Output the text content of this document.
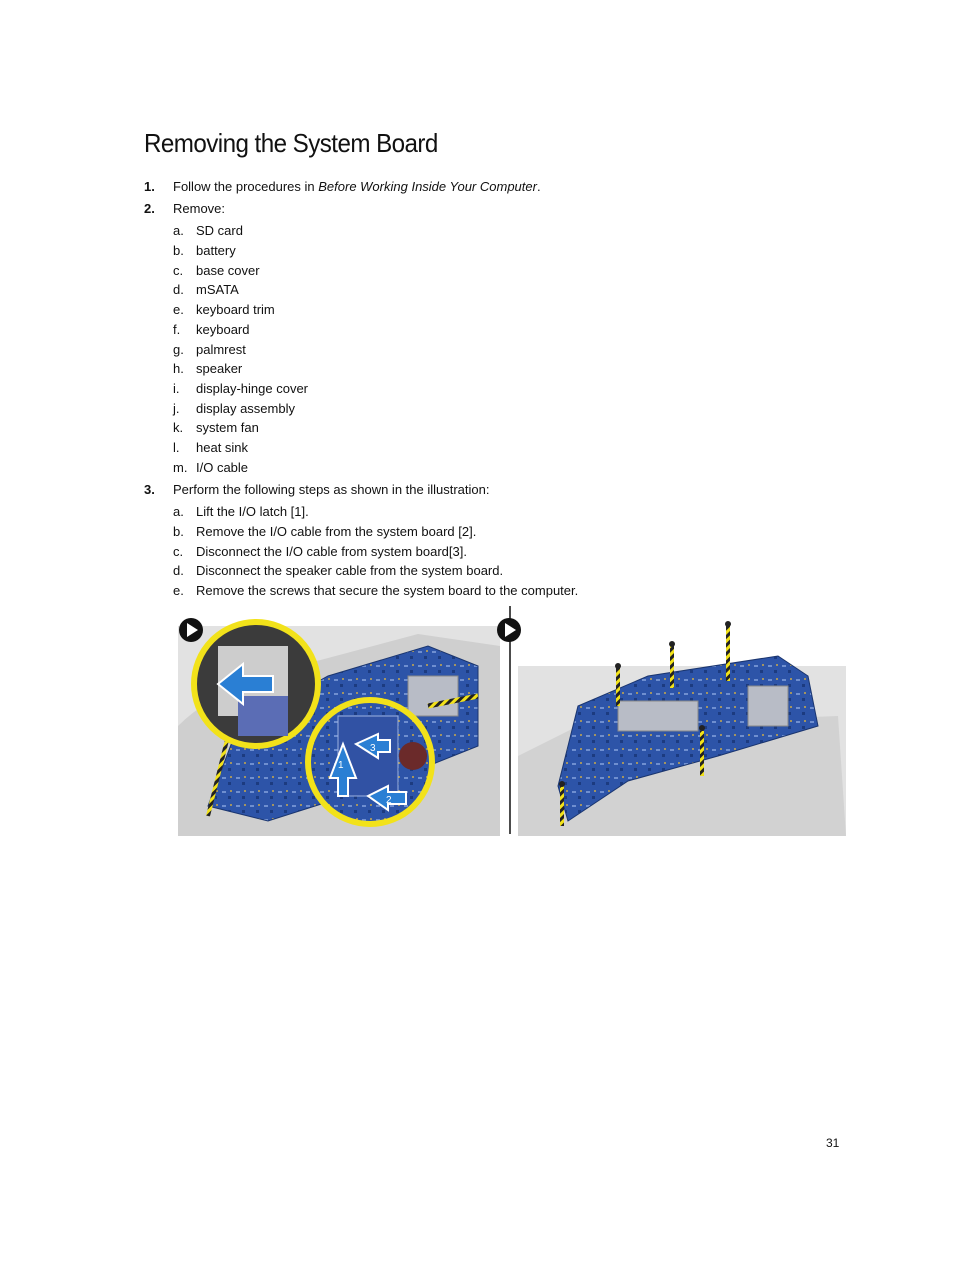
Removing the System Board
1. Follow the procedures in Before Working Inside Your Computer.
2. Remove:
a. SD card
b. battery
c. base cover
d. mSATA
e. keyboard trim
f. keyboard
g. palmrest
h. speaker
i. display-hinge cover
j. display assembly
k. system fan
l. heat sink
m. I/O cable
3. Perform the following steps as shown in the illustration:
a. Lift the I/O latch [1].
b. Remove the I/O cable from the system board [2].
c. Disconnect the I/O cable from system board[3].
d. Disconnect the speaker cable from the system board.
e. Remove the screws that secure the system board to the computer.
1
3
2
31
